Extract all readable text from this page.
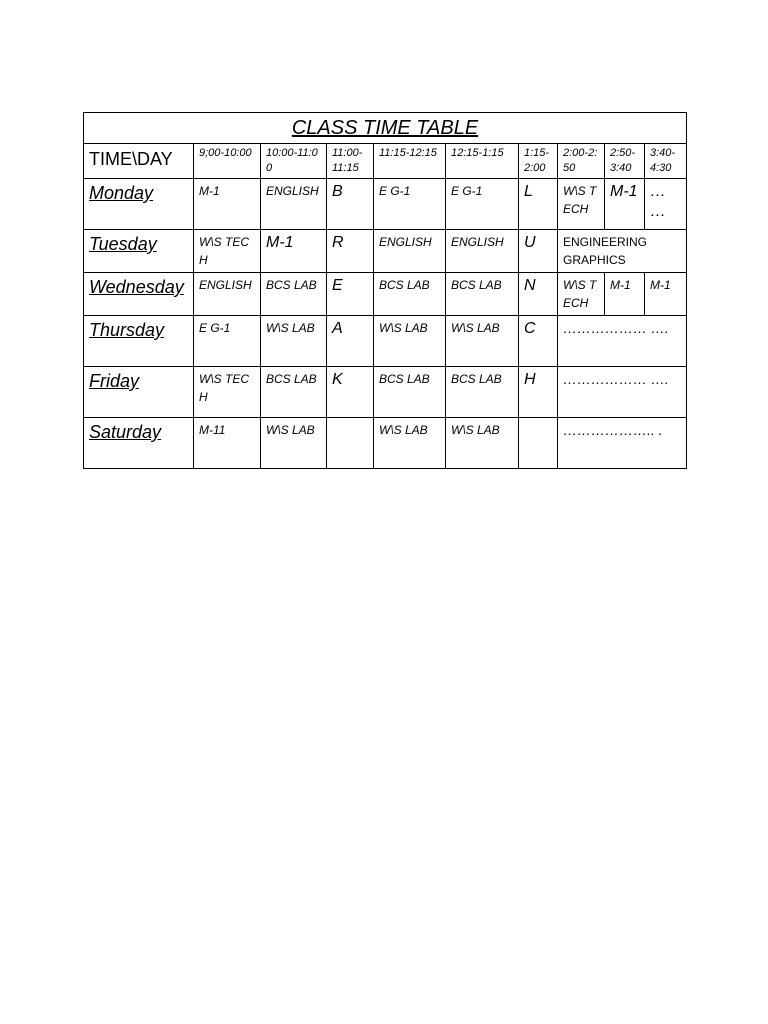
CLASS TIME TABLE									
TIME\DAY	9;00-10:00	10:00-11:00	11:00-11:15	11:15-12:15	12:15-1:15	1:15-2:00	2:00-2:50	2:50-3:40	3:40-4:30
Monday	M-1	ENGLISH	B	E G-1	E G-1	L	W\S TECH	M-1	… …
Tuesday	W\S TECH	M-1	R	ENGLISH	ENGLISH	U	ENGINEERING GRAPHICS		
Wednesday	ENGLISH	BCS LAB	E	BCS LAB	BCS LAB	N	W\S TECH	M-1	M-1
Thursday	E G-1	W\S LAB	A	W\S LAB	W\S LAB	C	……………… ….		
Friday	W\S TECH	BCS LAB	K	BCS LAB	BCS LAB	H	……………… ….		
Saturday	M-11	W\S LAB		W\S LAB	W\S LAB		……………….. .		
